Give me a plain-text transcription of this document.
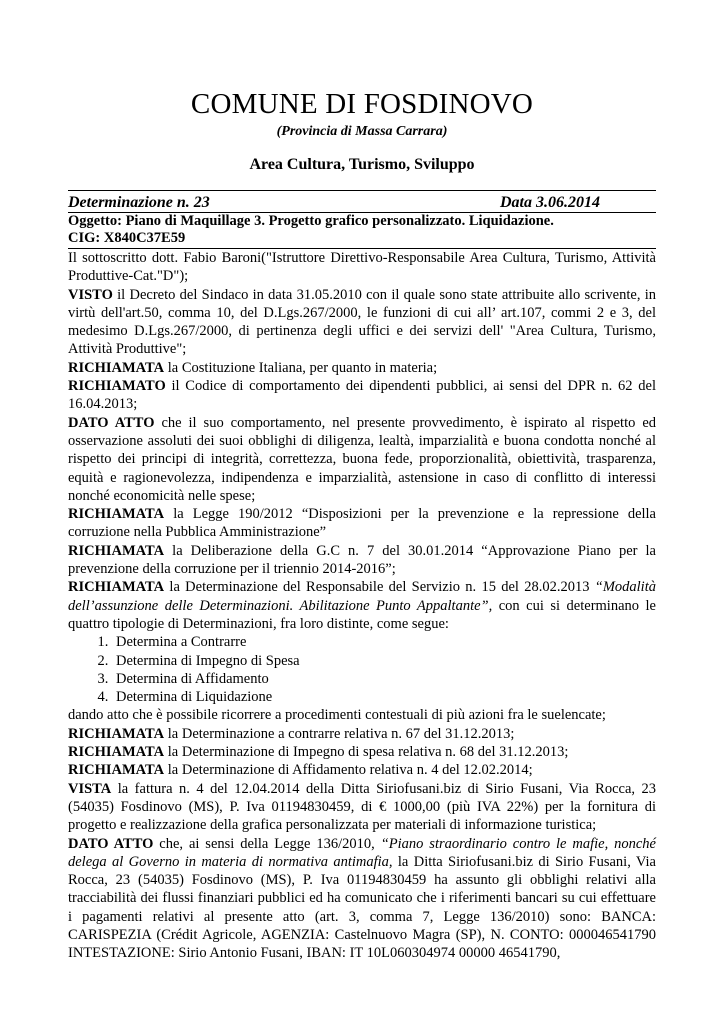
COMUNE DI FOSDINOVO
(Provincia di Massa Carrara)
Area Cultura, Turismo, Sviluppo
Determinazione n. 23	Data 3.06.2014
Oggetto: Piano di Maquillage 3. Progetto grafico personalizzato. Liquidazione.
CIG: X840C37E59

Il sottoscritto dott. Fabio Baroni("Istruttore Direttivo-Responsabile Area Cultura, Turismo, Attività Produttive-Cat."D");

VISTO il Decreto del Sindaco in data 31.05.2010 con il quale sono state attribuite allo scrivente, in virtù dell'art.50, comma 10, del D.Lgs.267/2000, le funzioni di cui all’ art.107, commi 2 e 3, del medesimo D.Lgs.267/2000, di pertinenza degli uffici e dei servizi dell' "Area Cultura, Turismo, Attività Produttive";

RICHIAMATA la Costituzione Italiana, per quanto in materia;

RICHIAMATO il Codice di comportamento dei dipendenti pubblici, ai sensi del DPR n. 62 del 16.04.2013;

DATO ATTO che il suo comportamento, nel presente provvedimento, è ispirato al rispetto ed osservazione assoluti dei suoi obblighi di diligenza, lealtà, imparzialità e buona condotta nonché al rispetto dei principi di integrità, correttezza, buona fede, proporzionalità, obiettività, trasparenza, equità e ragionevolezza, indipendenza e imparzialità, astensione in caso di conflitto di interessi nonché economicità nelle spese;

RICHIAMATA la Legge 190/2012 “Disposizioni per la prevenzione e la repressione della corruzione nella Pubblica Amministrazione”

RICHIAMATA la Deliberazione della G.C n. 7 del 30.01.2014 “Approvazione Piano per la prevenzione della corruzione per il triennio 2014-2016”;

RICHIAMATA la Determinazione del Responsabile del Servizio n. 15 del 28.02.2013 “Modalità dell’assunzione delle Determinazioni. Abilitazione Punto Appaltante”, con cui si determinano le quattro tipologie di Determinazioni, fra loro distinte, come segue:

1. Determina a Contrarre
2. Determina di Impegno di Spesa
3. Determina di Affidamento
4. Determina di Liquidazione

dando atto che è possibile ricorrere a procedimenti contestuali di più azioni fra le suelencate;

RICHIAMATA la Determinazione a contrarre relativa n. 67 del 31.12.2013;

RICHIAMATA la Determinazione di Impegno di spesa relativa n. 68 del 31.12.2013;

RICHIAMATA la Determinazione di Affidamento relativa n. 4 del 12.02.2014;

VISTA la fattura n. 4 del 12.04.2014 della Ditta Siriofusani.biz di Sirio Fusani, Via Rocca, 23 (54035) Fosdinovo (MS), P. Iva 01194830459, di € 1000,00 (più IVA 22%) per la fornitura di progetto e realizzazione della grafica personalizzata per materiali di informazione turistica;

DATO ATTO che, ai sensi della Legge 136/2010, “Piano straordinario contro le mafie, nonché delega al Governo in materia di normativa antimafia, la Ditta Siriofusani.biz di Sirio Fusani, Via Rocca, 23 (54035) Fosdinovo (MS), P. Iva 01194830459 ha assunto gli obblighi relativi alla tracciabilità dei flussi finanziari pubblici ed ha comunicato che i riferimenti bancari su cui effettuare i pagamenti relativi al presente atto (art. 3, comma 7, Legge 136/2010) sono: BANCA: CARISPEZIA (Crédit Agricole, AGENZIA: Castelnuovo Magra (SP), N. CONTO: 000046541790 INTESTAZIONE: Sirio Antonio Fusani, IBAN: IT 10L060304974 00000 46541790,
